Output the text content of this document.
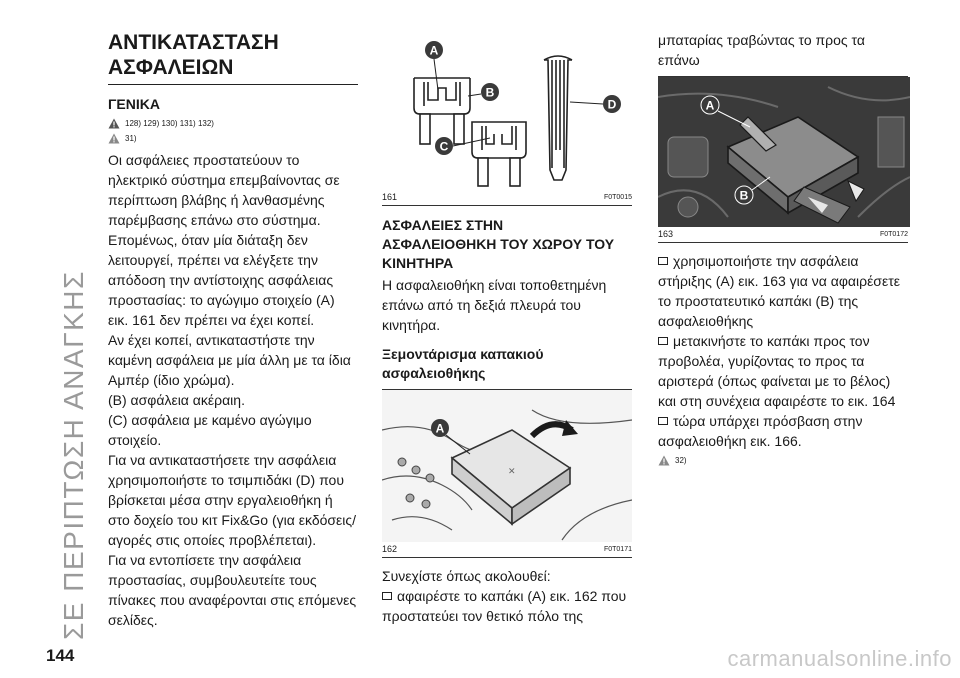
ΣΕ ΠΕΡΙΠΤΩΣΗ ΑΝΑΓΚΗΣ
144	carmanualsonline.info
ΑΝΤΙΚΑΤΑΣΤΑΣΗ
ΑΣΦΑΛΕΙΩΝ
ΓΕΝΙΚΑ
128) 129) 130) 131) 132)
31)

Οι ασφάλειες προστατεύουν το ηλεκτρικό σύστημα επεμβαίνοντας σε περίπτωση βλάβης ή λανθασμένης παρέμβασης επάνω στο σύστημα.

Επομένως, όταν μία διάταξη δεν λειτουργεί, πρέπει να ελέγξετε την απόδοση την αντίστοιχης ασφάλειας προστασίας: το αγώγιμο στοιχείο (A) εικ. 161 δεν πρέπει να έχει κοπεί.

Αν έχει κοπεί, αντικαταστήστε την καμένη ασφάλεια με μία άλλη με τα ίδια Αμπέρ (ίδιο χρώμα).

(B) ασφάλεια ακέραιη.

(C) ασφάλεια με καμένο αγώγιμο στοιχείο.

Για να αντικαταστήσετε την ασφάλεια χρησιμοποιήστε το τσιμπιδάκι (D) που βρίσκεται μέσα στην εργαλειοθήκη ή στο δοχείο του κιτ Fix&Go (για εκδόσεις/αγορές στις οποίες προβλέπεται).

Για να εντοπίσετε την ασφάλεια προστασίας, συμβουλευτείτε τους πίνακες που αναφέρονται στις επόμενες σελίδες.

A
B
C
D
161	F0T0015
ΑΣΦΑΛΕΙΕΣ ΣΤΗΝ
ΑΣΦΑΛΕΙΟΘΗΚΗ ΤΟΥ ΧΩΡΟΥ ΤΟΥ
ΚΙΝΗΤΗΡΑ

Η ασφαλειοθήκη είναι τοποθετημένη επάνω από τη δεξιά πλευρά του κινητήρα.

Ξεμοντάρισμα καπακιού
ασφαλειοθήκης
✕
A
162	F0T0171

Συνεχίστε όπως ακολουθεί:

αφαιρέστε το καπάκι (A) εικ. 162 που προστατεύει τον θετικό πόλο της

μπαταρίας τραβώντας το προς τα επάνω

A
B
163	F0T0172

χρησιμοποιήστε την ασφάλεια στήριξης (A) εικ. 163 για να αφαιρέσετε το προστατευτικό καπάκι (B) της ασφαλειοθήκης

μετακινήστε το καπάκι προς τον προβολέα, γυρίζοντας το προς τα αριστερά (όπως φαίνεται με το βέλος) και στη συνέχεια αφαιρέστε το εικ. 164

τώρα υπάρχει πρόσβαση στην ασφαλειοθήκη εικ. 166.

32)
